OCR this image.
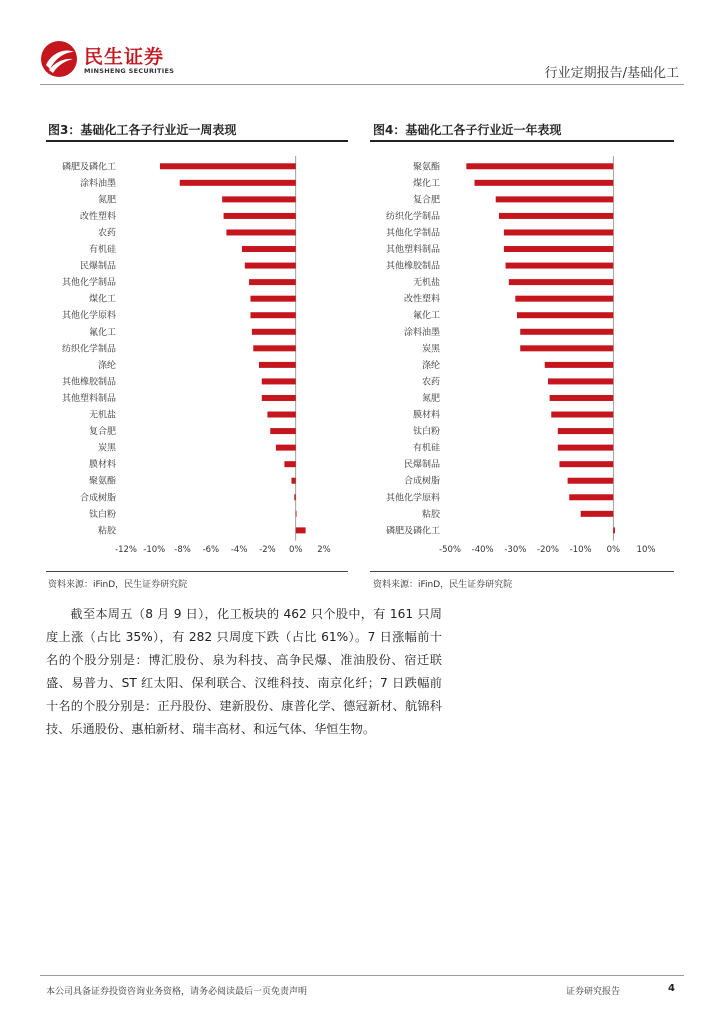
民生证券
MINSHENG SECURITIES	行业定期报告/基础化工
图3：基础化工各子行业近一周表现
磷肥及磷化工
涂料油墨
氮肥
改性塑料
农药
有机硅
民爆制品
其他化学制品
煤化工
其他化学原料
氟化工
纺织化学制品
涤纶
其他橡胶制品
其他塑料制品
无机盐
复合肥
炭黑
膜材料
聚氨酯
合成树脂
钛白粉
粘胶
-12% -10% -8% -6% -4% -2% 0% 2%
资料来源：iFinD，民生证券研究院
图4：基础化工各子行业近一年表现
聚氨酯
煤化工
复合肥
纺织化学制品
其他化学制品
其他塑料制品
其他橡胶制品
无机盐
改性塑料
氟化工
涂料油墨
炭黑
涤纶
农药
氮肥
膜材料
钛白粉
有机硅
民爆制品
合成树脂
其他化学原料
粘胶
磷肥及磷化工
-50% -40% -30% -20% -10% 0% 10%
资料来源：iFinD，民生证券研究院

截至本周五（8 月 9 日），化工板块的 462 只个股中，有 161 只周度上涨（占比 35%），有 282 只周度下跌（占比 61%）。7 日涨幅前十名的个股分别是：博汇股份、泉为科技、高争民爆、准油股份、宿迁联盛、易普力、ST 红太阳、保利联合、汉维科技、南京化纤；7 日跌幅前十名的个股分别是：正丹股份、建新股份、康普化学、德冠新材、航锦科技、乐通股份、惠柏新材、瑞丰高材、和远气体、华恒生物。

本公司具备证券投资咨询业务资格，请务必阅读最后一页免责声明	证券研究报告	4
